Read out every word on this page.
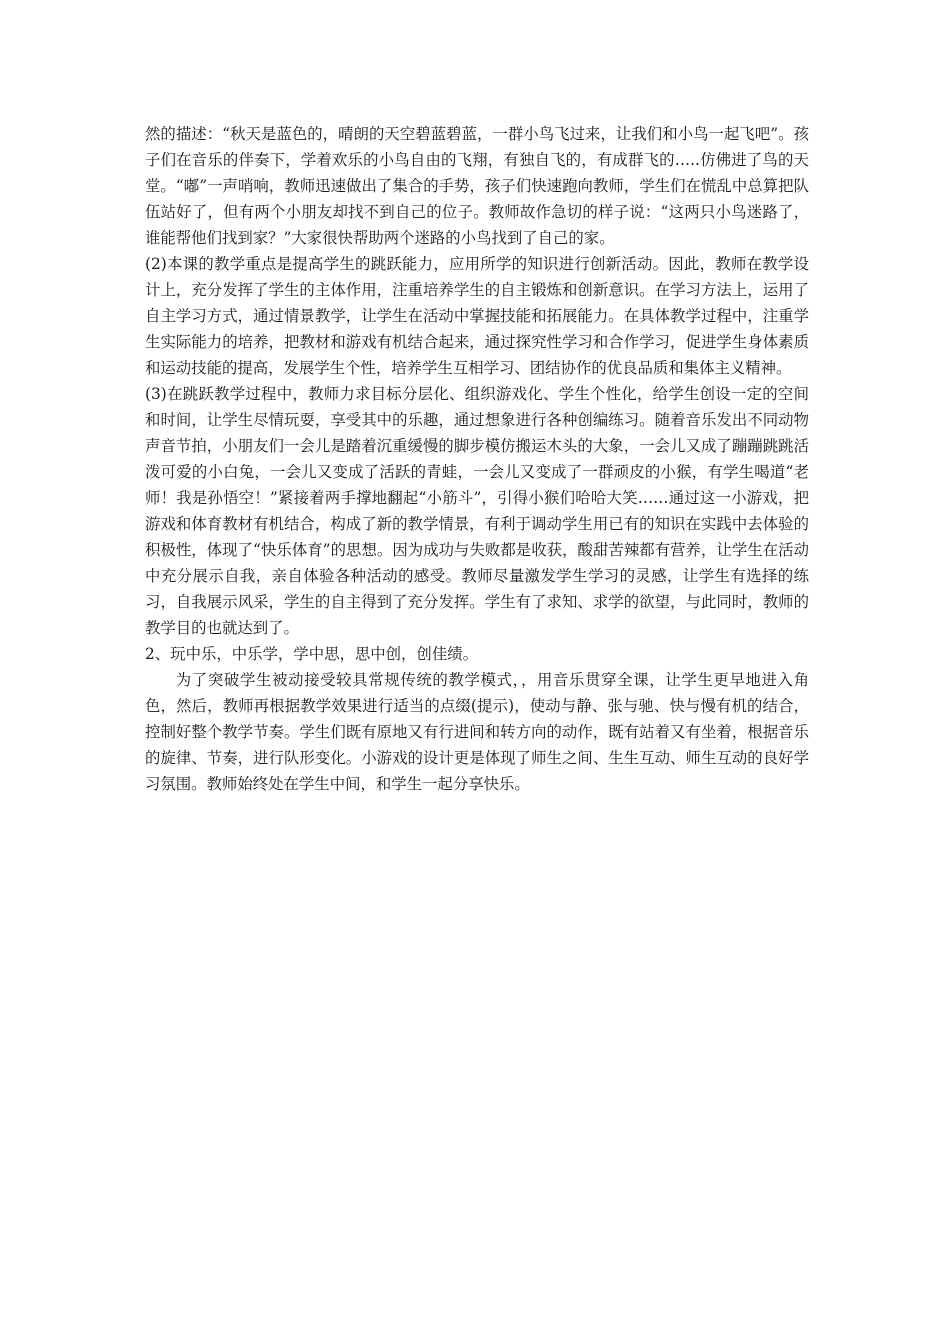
然的描述：“秋天是蓝色的，晴朗的天空碧蓝碧蓝，一群小鸟飞过来，让我们和小鸟一起飞吧”。孩子们在音乐的伴奏下，学着欢乐的小鸟自由的飞翔，有独自飞的，有成群飞的…..仿佛进了鸟的天堂。“嘟”一声哨响，教师迅速做出了集合的手势，孩子们快速跑向教师，学生们在慌乱中总算把队伍站好了，但有两个小朋友却找不到自己的位子。教师故作急切的样子说：“这两只小鸟迷路了，谁能帮他们找到家？”大家很快帮助两个迷路的小鸟找到了自己的家。

(2)本课的教学重点是提高学生的跳跃能力，应用所学的知识进行创新活动。因此，教师在教学设计上，充分发挥了学生的主体作用，注重培养学生的自主锻炼和创新意识。在学习方法上，运用了自主学习方式，通过情景教学，让学生在活动中掌握技能和拓展能力。在具体教学过程中，注重学生实际能力的培养，把教材和游戏有机结合起来，通过探究性学习和合作学习，促进学生身体素质和运动技能的提高，发展学生个性，培养学生互相学习、团结协作的优良品质和集体主义精神。

(3)在跳跃教学过程中，教师力求目标分层化、组织游戏化、学生个性化，给学生创设一定的空间和时间，让学生尽情玩耍，享受其中的乐趣，通过想象进行各种创编练习。随着音乐发出不同动物声音节拍，小朋友们一会儿是踏着沉重缓慢的脚步模仿搬运木头的大象，一会儿又成了蹦蹦跳跳活泼可爱的小白兔，一会儿又变成了活跃的青蛙，一会儿又变成了一群顽皮的小猴，有学生喝道“老师！我是孙悟空！”紧接着两手撑地翻起“小筋斗”，引得小猴们哈哈大笑……通过这一小游戏，把游戏和体育教材有机结合，构成了新的教学情景，有利于调动学生用已有的知识在实践中去体验的积极性，体现了“快乐体育”的思想。因为成功与失败都是收获，酸甜苦辣都有营养，让学生在活动中充分展示自我，亲自体验各种活动的感受。教师尽量激发学生学习的灵感，让学生有选择的练习，自我展示风采，学生的自主得到了充分发挥。学生有了求知、求学的欲望，与此同时，教师的教学目的也就达到了。

2、玩中乐，中乐学，学中思，思中创，创佳绩。

为了突破学生被动接受较具常规传统的教学模式，，用音乐贯穿全课，让学生更早地进入角色，然后，教师再根据教学效果进行适当的点缀(提示)，使动与静、张与驰、快与慢有机的结合，控制好整个教学节奏。学生们既有原地又有行进间和转方向的动作，既有站着又有坐着，根据音乐的旋律、节奏，进行队形变化。小游戏的设计更是体现了师生之间、生生互动、师生互动的良好学习氛围。教师始终处在学生中间，和学生一起分享快乐。
